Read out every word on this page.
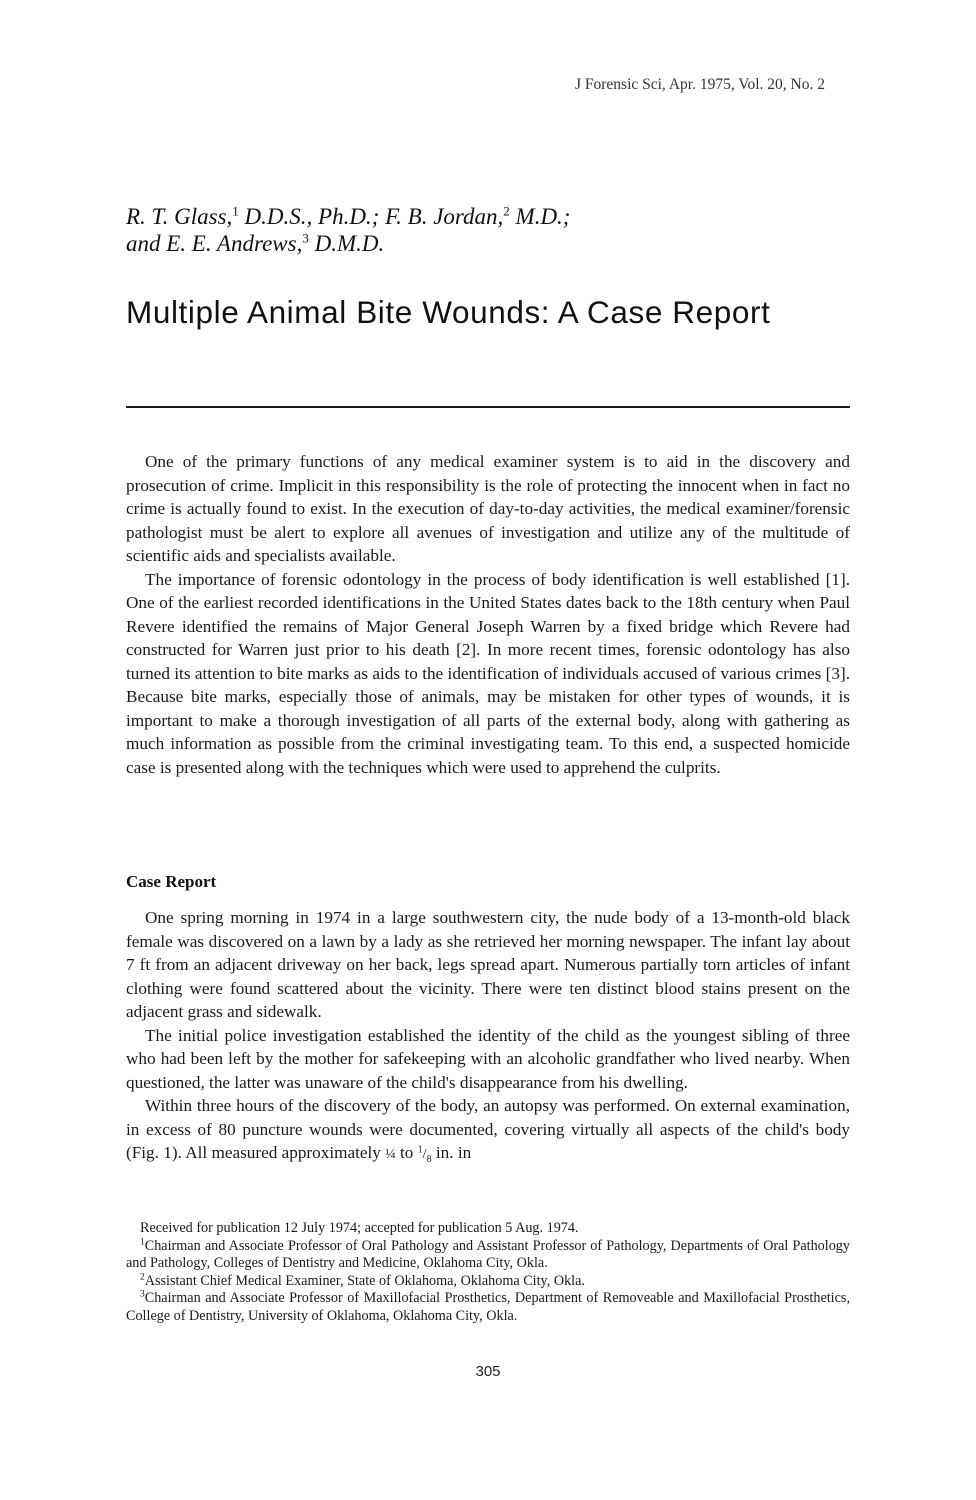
J Forensic Sci, Apr. 1975, Vol. 20, No. 2
R. T. Glass,$^1$ D.D.S., Ph.D.; F. B. Jordan,$^2$ M.D.;
and E. E. Andrews,$^3$ D.M.D.
Multiple Animal Bite Wounds: A Case Report

One of the primary functions of any medical examiner system is to aid in the discovery and prosecution of crime. Implicit in this responsibility is the role of protecting the innocent when in fact no crime is actually found to exist. In the execution of day-to-day activities, the medical examiner/forensic pathologist must be alert to explore all avenues of investigation and utilize any of the multitude of scientific aids and specialists available.

The importance of forensic odontology in the process of body identification is well established [1]. One of the earliest recorded identifications in the United States dates back to the 18th century when Paul Revere identified the remains of Major General Joseph Warren by a fixed bridge which Revere had constructed for Warren just prior to his death [2]. In more recent times, forensic odontology has also turned its attention to bite marks as aids to the identification of individuals accused of various crimes [3]. Because bite marks, especially those of animals, may be mistaken for other types of wounds, it is important to make a thorough investigation of all parts of the external body, along with gathering as much information as possible from the criminal investigating team. To this end, a suspected homicide case is presented along with the techniques which were used to apprehend the culprits.

Case Report

One spring morning in 1974 in a large southwestern city, the nude body of a 13-month-old black female was discovered on a lawn by a lady as she retrieved her morning newspaper. The infant lay about 7 ft from an adjacent driveway on her back, legs spread apart. Numerous partially torn articles of infant clothing were found scattered about the vicinity. There were ten distinct blood stains present on the adjacent grass and sidewalk.

The initial police investigation established the identity of the child as the youngest sibling of three who had been left by the mother for safekeeping with an alcoholic grandfather who lived nearby. When questioned, the latter was unaware of the child's disappearance from his dwelling.

Within three hours of the discovery of the body, an autopsy was performed. On external examination, in excess of 80 puncture wounds were documented, covering virtually all aspects of the child's body (Fig. 1). All measured approximately ¼ to $^1/_8$ in. in

Received for publication 12 July 1974; accepted for publication 5 Aug. 1974.

$^1$Chairman and Associate Professor of Oral Pathology and Assistant Professor of Pathology, Departments of Oral Pathology and Pathology, Colleges of Dentistry and Medicine, Oklahoma City, Okla.

$^2$Assistant Chief Medical Examiner, State of Oklahoma, Oklahoma City, Okla.

$^3$Chairman and Associate Professor of Maxillofacial Prosthetics, Department of Removeable and Maxillofacial Prosthetics, College of Dentistry, University of Oklahoma, Oklahoma City, Okla.

305
